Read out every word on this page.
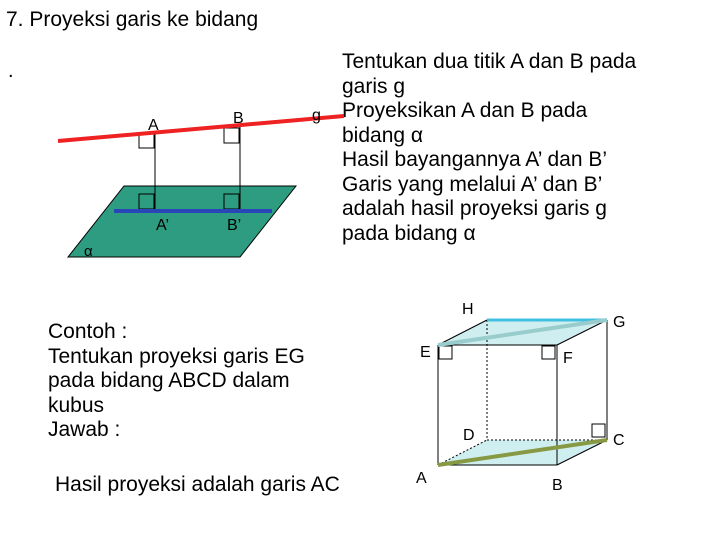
7. Proyeksi garis ke bidang
.	Tentukan dua titik A dan B pada
garis g
Proyeksikan A dan B pada
bidang α
Hasil bayangannya A’ dan B’
Garis yang melalui A’ dan B’
adalah hasil proyeksi garis g
pada bidang α
Contoh :
Tentukan proyeksi garis EG
pada bidang ABCD dalam
kubus
Jawab :
Hasil proyeksi adalah garis AC
A	B	g
A’	B’
α
H
G
E	F
D	C
A	B
